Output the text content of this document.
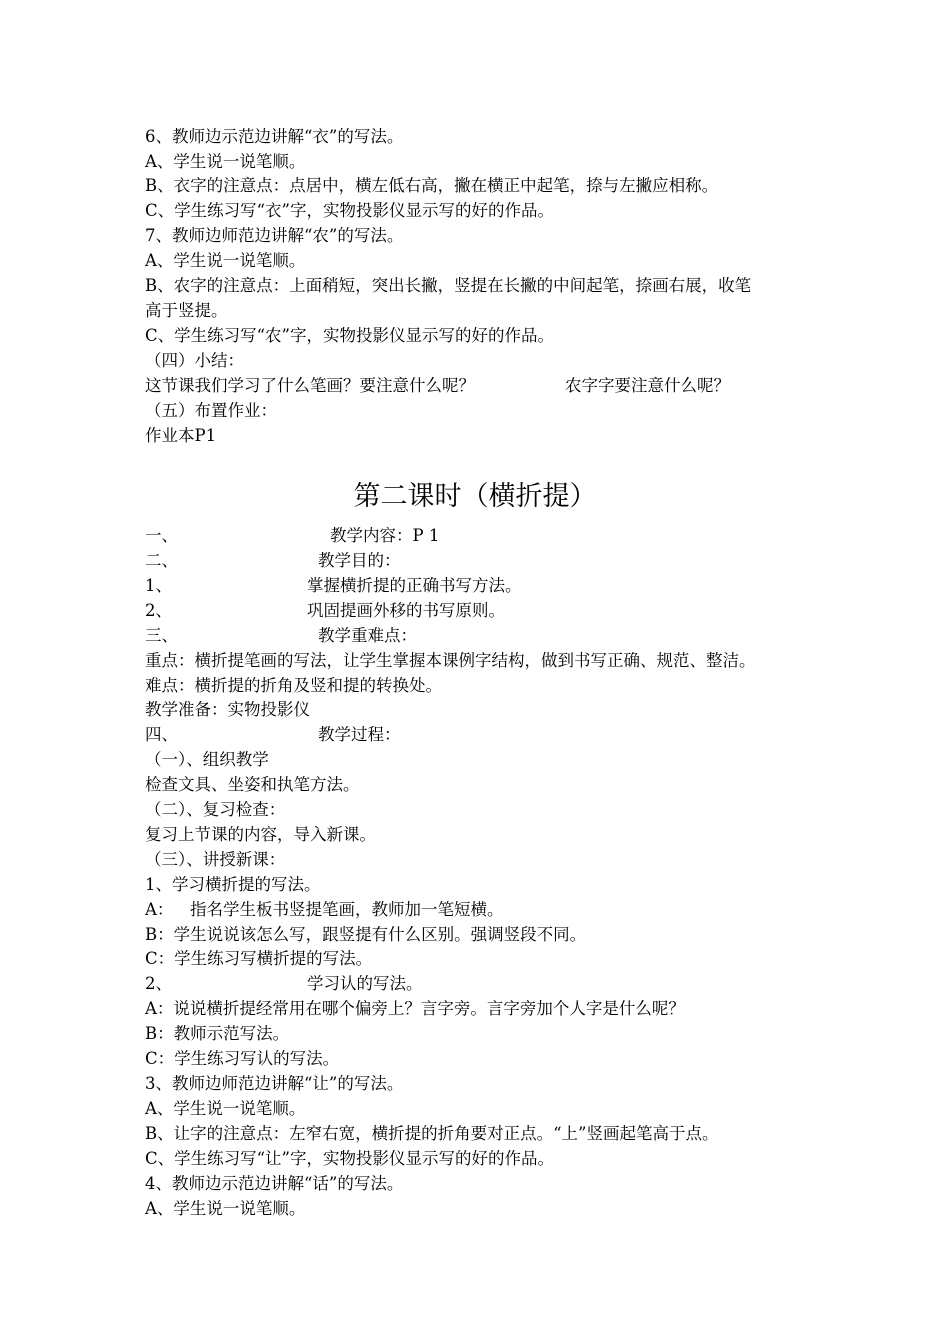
6、教师边示范边讲解“衣”的写法。
A、学生说一说笔顺。
B、衣字的注意点：点居中，横左低右高，撇在横正中起笔，捺与左撇应相称。
C、学生练习写“衣”字，实物投影仪显示写的好的作品。
7、教师边师范边讲解“农”的写法。
A、学生说一说笔顺。
B、农字的注意点：上面稍短，突出长撇，竖提在长撇的中间起笔，捺画右展，收笔
高于竖提。
C、学生练习写“农”字，实物投影仪显示写的好的作品。
（四）小结：
这节课我们学习了什么笔画？要注意什么呢？	农字字要注意什么呢？
（五）布置作业：
作业本P1
第二课时（横折提）
一、	教学内容：P 1
二、	教学目的：
1、	掌握横折提的正确书写方法。
2、	巩固提画外移的书写原则。
三、	教学重难点：
重点：横折提笔画的写法，让学生掌握本课例字结构，做到书写正确、规范、整洁。
难点：横折提的折角及竖和提的转换处。
教学准备：实物投影仪
四、	教学过程：
（一）、组织教学
检查文具、坐姿和执笔方法。
（二）、复习检查：
复习上节课的内容，导入新课。
（三）、讲授新课：
1、学习横折提的写法。
A： 指名学生板书竖提笔画，教师加一笔短横。
B：学生说说该怎么写，跟竖提有什么区别。强调竖段不同。
C：学生练习写横折提的写法。
2、	学习认的写法。
A：说说横折提经常用在哪个偏旁上？言字旁。言字旁加个人字是什么呢？
B：教师示范写法。
C：学生练习写认的写法。
3、教师边师范边讲解“让”的写法。
A、学生说一说笔顺。
B、让字的注意点：左窄右宽，横折提的折角要对正点。“上”竖画起笔高于点。
C、学生练习写“让”字，实物投影仪显示写的好的作品。
4、教师边示范边讲解“话”的写法。
A、学生说一说笔顺。
